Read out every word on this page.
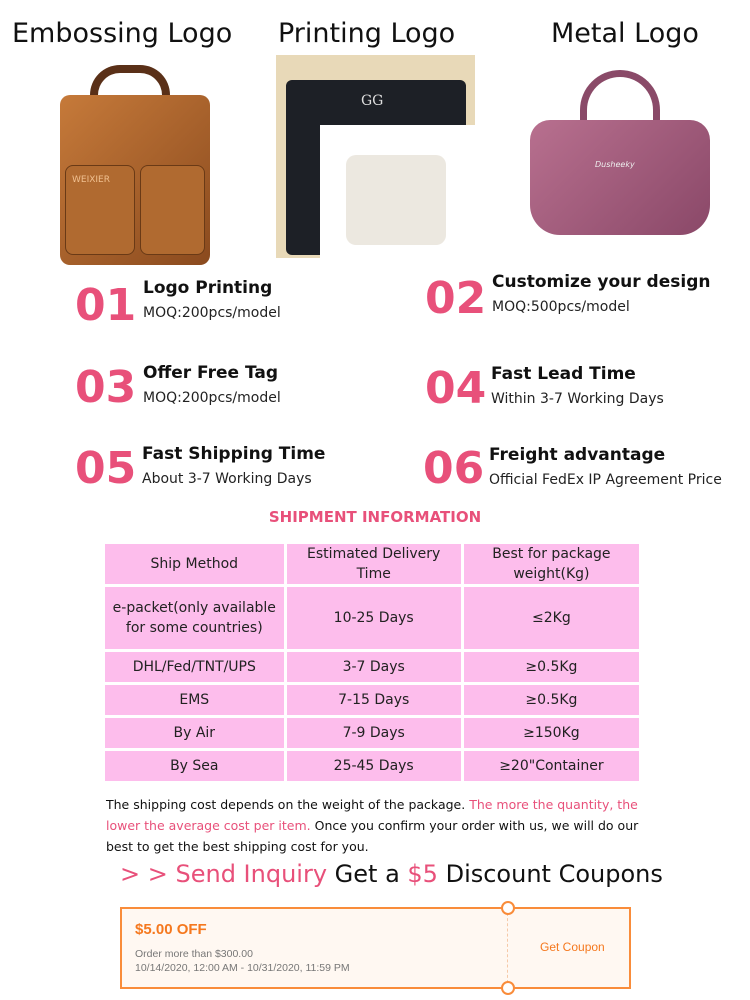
Embossing Logo Printing Logo	Metal Logo
WEIXIER
GG
Dusheeky
01 Logo Printing
MOQ:200pcs/model	02 Customize your design
MOQ:500pcs/model
03 Offer Free Tag
MOQ:200pcs/model	04 Fast Lead Time
Within 3-7 Working Days
05 Fast Shipping Time
About 3-7 Working Days	06 Freight advantage
Official FedEx IP Agreement Price
SHIPMENT INFORMATION
Ship Method	Estimated Delivery Time	Best for package weight(Kg)
e-packet(only available for some countries)	10-25 Days	≤2Kg
DHL/Fed/TNT/UPS	3-7 Days	≥0.5Kg
EMS	7-15 Days	≥0.5Kg
By Air	7-9 Days	≥150Kg
By Sea	25-45 Days	≥20"Container
The shipping cost depends on the weight of the package. The more the quantity, the lower the average cost per item. Once you confirm your order with us, we will do our best to get the best shipping cost for you.
> > Send Inquiry Get a $5 Discount Coupons
$5.00 OFF
Order more than $300.00
10/14/2020, 12:00 AM - 10/31/2020, 11:59 PM
Get Coupon
